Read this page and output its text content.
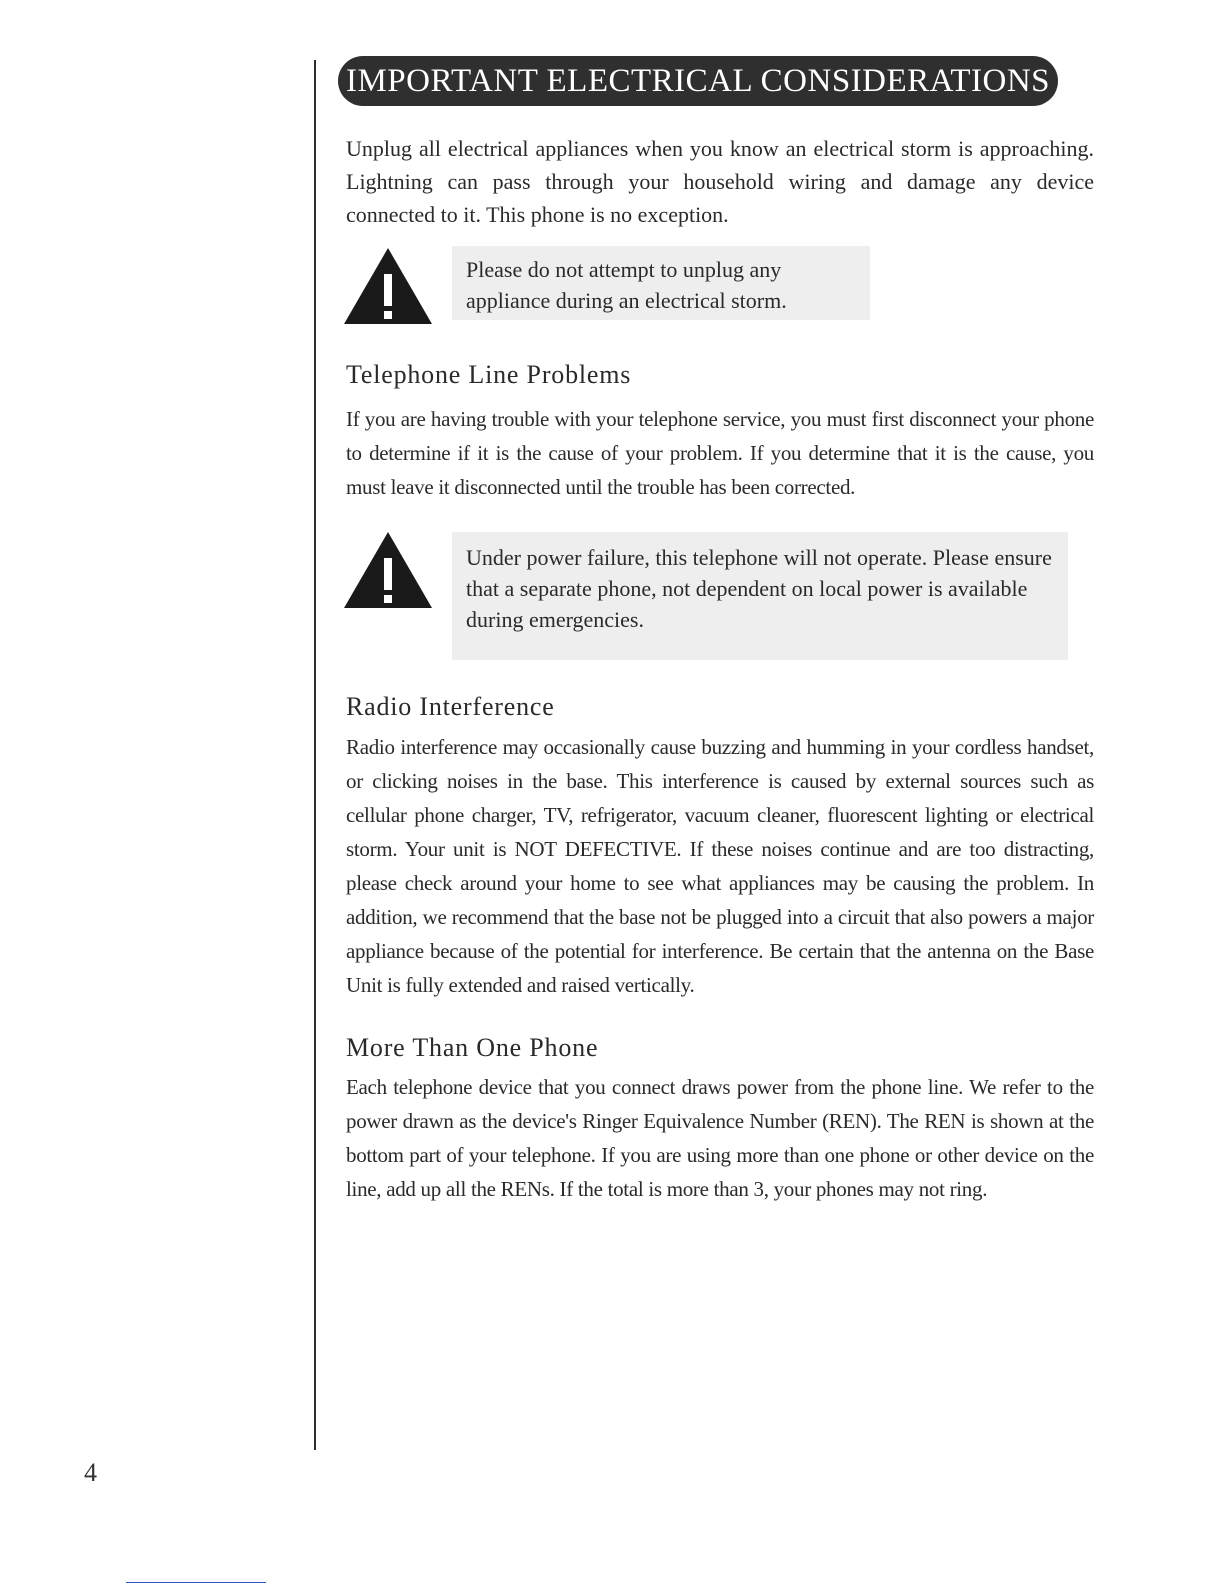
IMPORTANT ELECTRICAL CONSIDERATIONS

Unplug all electrical appliances when you know an electrical storm is approaching. Lightning can pass through your household wiring and damage any device connected to it. This phone is no exception.

Please do not attempt to unplug any appliance during an electrical storm.
Telephone Line Problems

If you are having trouble with your telephone service, you must first disconnect your phone to determine if it is the cause of your problem. If you determine that it is the cause, you must leave it disconnected until the trouble has been corrected.

Under power failure, this telephone will not operate. Please ensure that a separate phone, not dependent on local power is available during emergencies.
Radio Interference

Radio interference may occasionally cause buzzing and humming in your cordless handset, or clicking noises in the base. This interference is caused by external sources such as cellular phone charger, TV, refrigerator, vacuum cleaner, fluorescent lighting or electrical storm. Your unit is NOT DEFECTIVE. If these noises continue and are too distracting, please check around your home to see what appliances may be causing the problem. In addition, we recommend that the base not be plugged into a circuit that also powers a major appliance because of the potential for interference. Be certain that the antenna on the Base Unit is fully extended and raised vertically.

More Than One Phone

Each telephone device that you connect draws power from the phone line. We refer to the power drawn as the device's Ringer Equivalence Number (REN). The REN is shown at the bottom part of your telephone. If you are using more than one phone or other device on the line, add up all the RENs. If the total is more than 3, your phones may not ring.

4
